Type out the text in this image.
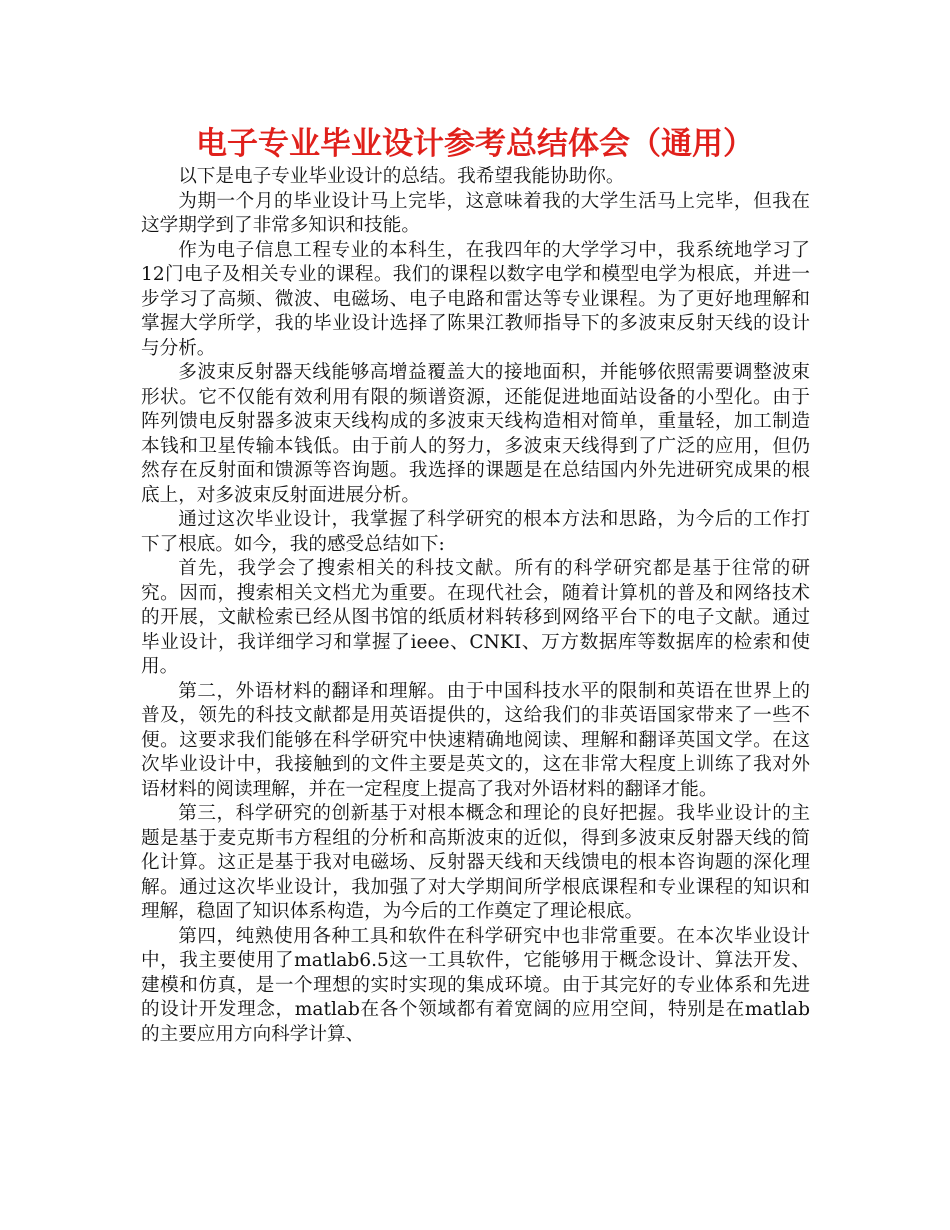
电子专业毕业设计参考总结体会（通用）

以下是电子专业毕业设计的总结。我希望我能协助你。

为期一个月的毕业设计马上完毕，这意味着我的大学生活马上完毕，但我在这学期学到了非常多知识和技能。

作为电子信息工程专业的本科生，在我四年的大学学习中，我系统地学习了12门电子及相关专业的课程。我们的课程以数字电学和模型电学为根底，并进一步学习了高频、微波、电磁场、电子电路和雷达等专业课程。为了更好地理解和掌握大学所学，我的毕业设计选择了陈果江教师指导下的多波束反射天线的设计与分析。

多波束反射器天线能够高增益覆盖大的接地面积，并能够依照需要调整波束形状。它不仅能有效利用有限的频谱资源，还能促进地面站设备的小型化。由于阵列馈电反射器多波束天线构成的多波束天线构造相对简单，重量轻，加工制造本钱和卫星传输本钱低。由于前人的努力，多波束天线得到了广泛的应用，但仍然存在反射面和馈源等咨询题。我选择的课题是在总结国内外先进研究成果的根底上，对多波束反射面进展分析。

通过这次毕业设计，我掌握了科学研究的根本方法和思路，为今后的工作打下了根底。如今，我的感受总结如下:

首先，我学会了搜索相关的科技文献。所有的科学研究都是基于往常的研究。因而，搜索相关文档尤为重要。在现代社会，随着计算机的普及和网络技术的开展，文献检索已经从图书馆的纸质材料转移到网络平台下的电子文献。通过毕业设计，我详细学习和掌握了ieee、CNKI、万方数据库等数据库的检索和使用。

第二，外语材料的翻译和理解。由于中国科技水平的限制和英语在世界上的普及，领先的科技文献都是用英语提供的，这给我们的非英语国家带来了一些不便。这要求我们能够在科学研究中快速精确地阅读、理解和翻译英国文学。在这次毕业设计中，我接触到的文件主要是英文的，这在非常大程度上训练了我对外语材料的阅读理解，并在一定程度上提高了我对外语材料的翻译才能。

第三，科学研究的创新基于对根本概念和理论的良好把握。我毕业设计的主题是基于麦克斯韦方程组的分析和高斯波束的近似，得到多波束反射器天线的简化计算。这正是基于我对电磁场、反射器天线和天线馈电的根本咨询题的深化理解。通过这次毕业设计，我加强了对大学期间所学根底课程和专业课程的知识和理解，稳固了知识体系构造，为今后的工作奠定了理论根底。

第四，纯熟使用各种工具和软件在科学研究中也非常重要。在本次毕业设计中，我主要使用了matlab6.5这一工具软件，它能够用于概念设计、算法开发、建模和仿真，是一个理想的实时实现的集成环境。由于其完好的专业体系和先进的设计开发理念，matlab在各个领域都有着宽阔的应用空间，特别是在matlab的主要应用方向科学计算、
